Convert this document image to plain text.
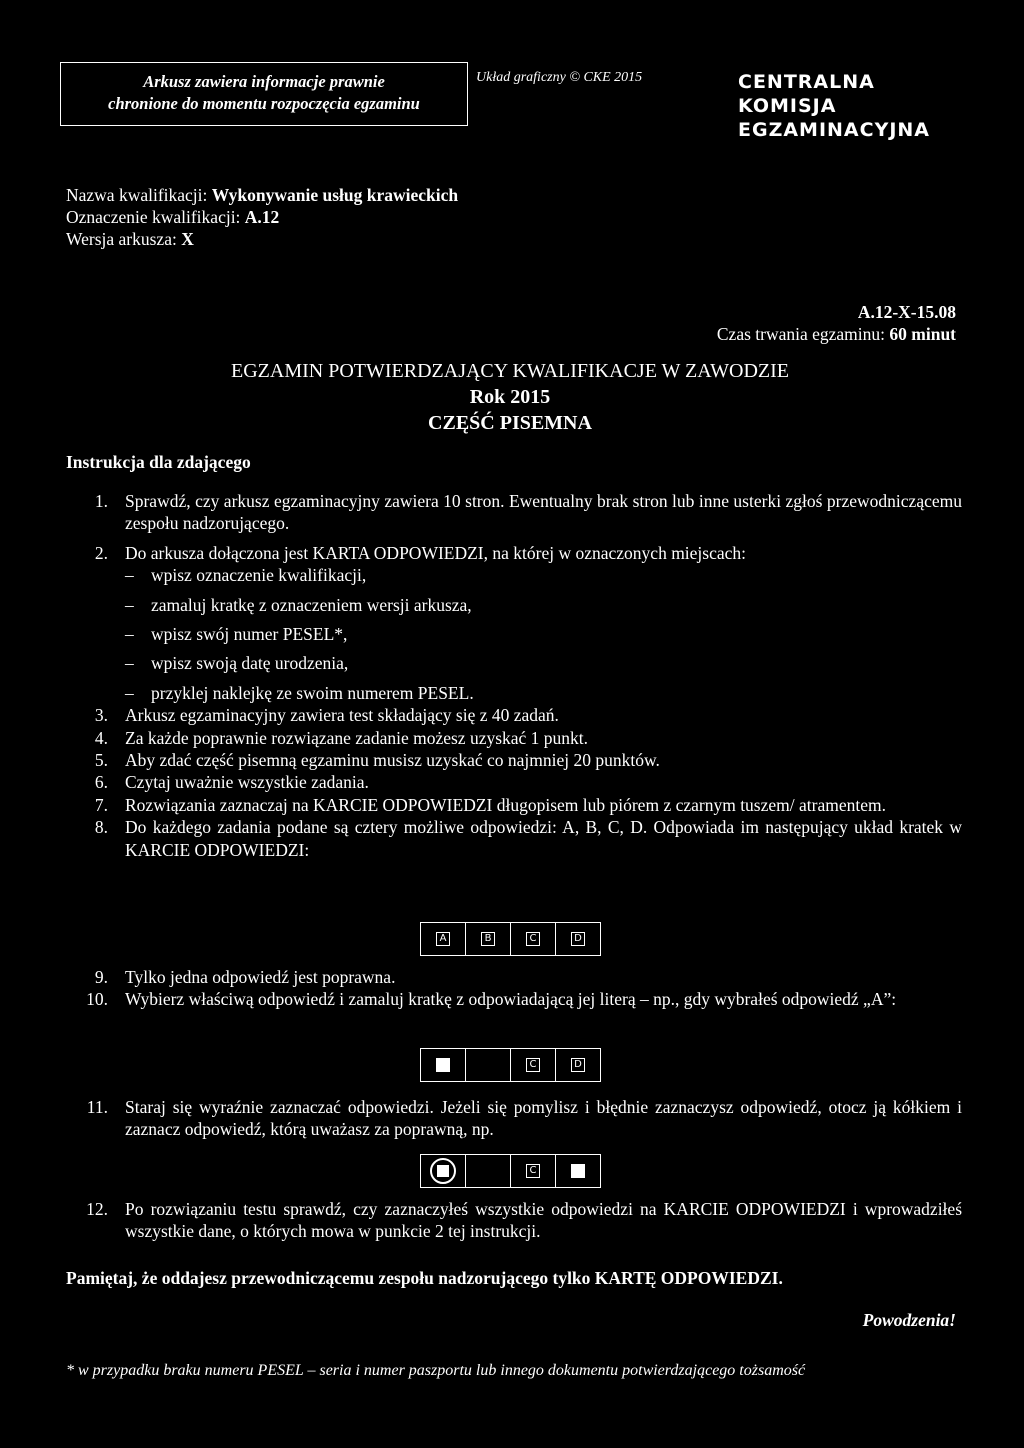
Arkusz zawiera informacje prawnie
chronione do momentu rozpoczęcia egzaminu
Układ graficzny © CKE 2015	CENTRALNA
KOMISJA
EGZAMINACYJNA
Nazwa kwalifikacji: Wykonywanie usług krawieckich
Oznaczenie kwalifikacji: A.12
Wersja arkusza: X
A.12-X-15.08
Czas trwania egzaminu: 60 minut
EGZAMIN POTWIERDZAJĄCY KWALIFIKACJE W ZAWODZIE
Rok 2015
CZĘŚĆ PISEMNA
Instrukcja dla zdającego
1. Sprawdź, czy arkusz egzaminacyjny zawiera 10 stron. Ewentualny brak stron lub inne usterki zgłoś przewodniczącemu zespołu nadzorującego.
2. Do arkusza dołączona jest KARTA ODPOWIEDZI, na której w oznaczonych miejscach:
– wpisz oznaczenie kwalifikacji,
– zamaluj kratkę z oznaczeniem wersji arkusza,
– wpisz swój numer PESEL*,
– wpisz swoją datę urodzenia,
– przyklej naklejkę ze swoim numerem PESEL.
3. Arkusz egzaminacyjny zawiera test składający się z 40 zadań.
4. Za każde poprawnie rozwiązane zadanie możesz uzyskać 1 punkt.
5. Aby zdać część pisemną egzaminu musisz uzyskać co najmniej 20 punktów.
6. Czytaj uważnie wszystkie zadania.
7. Rozwiązania zaznaczaj na KARCIE ODPOWIEDZI długopisem lub piórem z czarnym tuszem/ atramentem.
8. Do każdego zadania podane są cztery możliwe odpowiedzi: A, B, C, D. Odpowiada im następujący układ kratek w KARCIE ODPOWIEDZI:
A	B	C	D
9. Tylko jedna odpowiedź jest poprawna.
10. Wybierz właściwą odpowiedź i zamaluj kratkę z odpowiadającą jej literą – np., gdy wybrałeś odpowiedź „A”:
C	D
11. Staraj się wyraźnie zaznaczać odpowiedzi. Jeżeli się pomylisz i błędnie zaznaczysz odpowiedź, otocz ją kółkiem i zaznacz odpowiedź, którą uważasz za poprawną, np.
C
12. Po rozwiązaniu testu sprawdź, czy zaznaczyłeś wszystkie odpowiedzi na KARCIE ODPOWIEDZI i wprowadziłeś wszystkie dane, o których mowa w punkcie 2 tej instrukcji.
Pamiętaj, że oddajesz przewodniczącemu zespołu nadzorującego tylko KARTĘ ODPOWIEDZI.
Powodzenia!
* w przypadku braku numeru PESEL – seria i numer paszportu lub innego dokumentu potwierdzającego tożsamość
